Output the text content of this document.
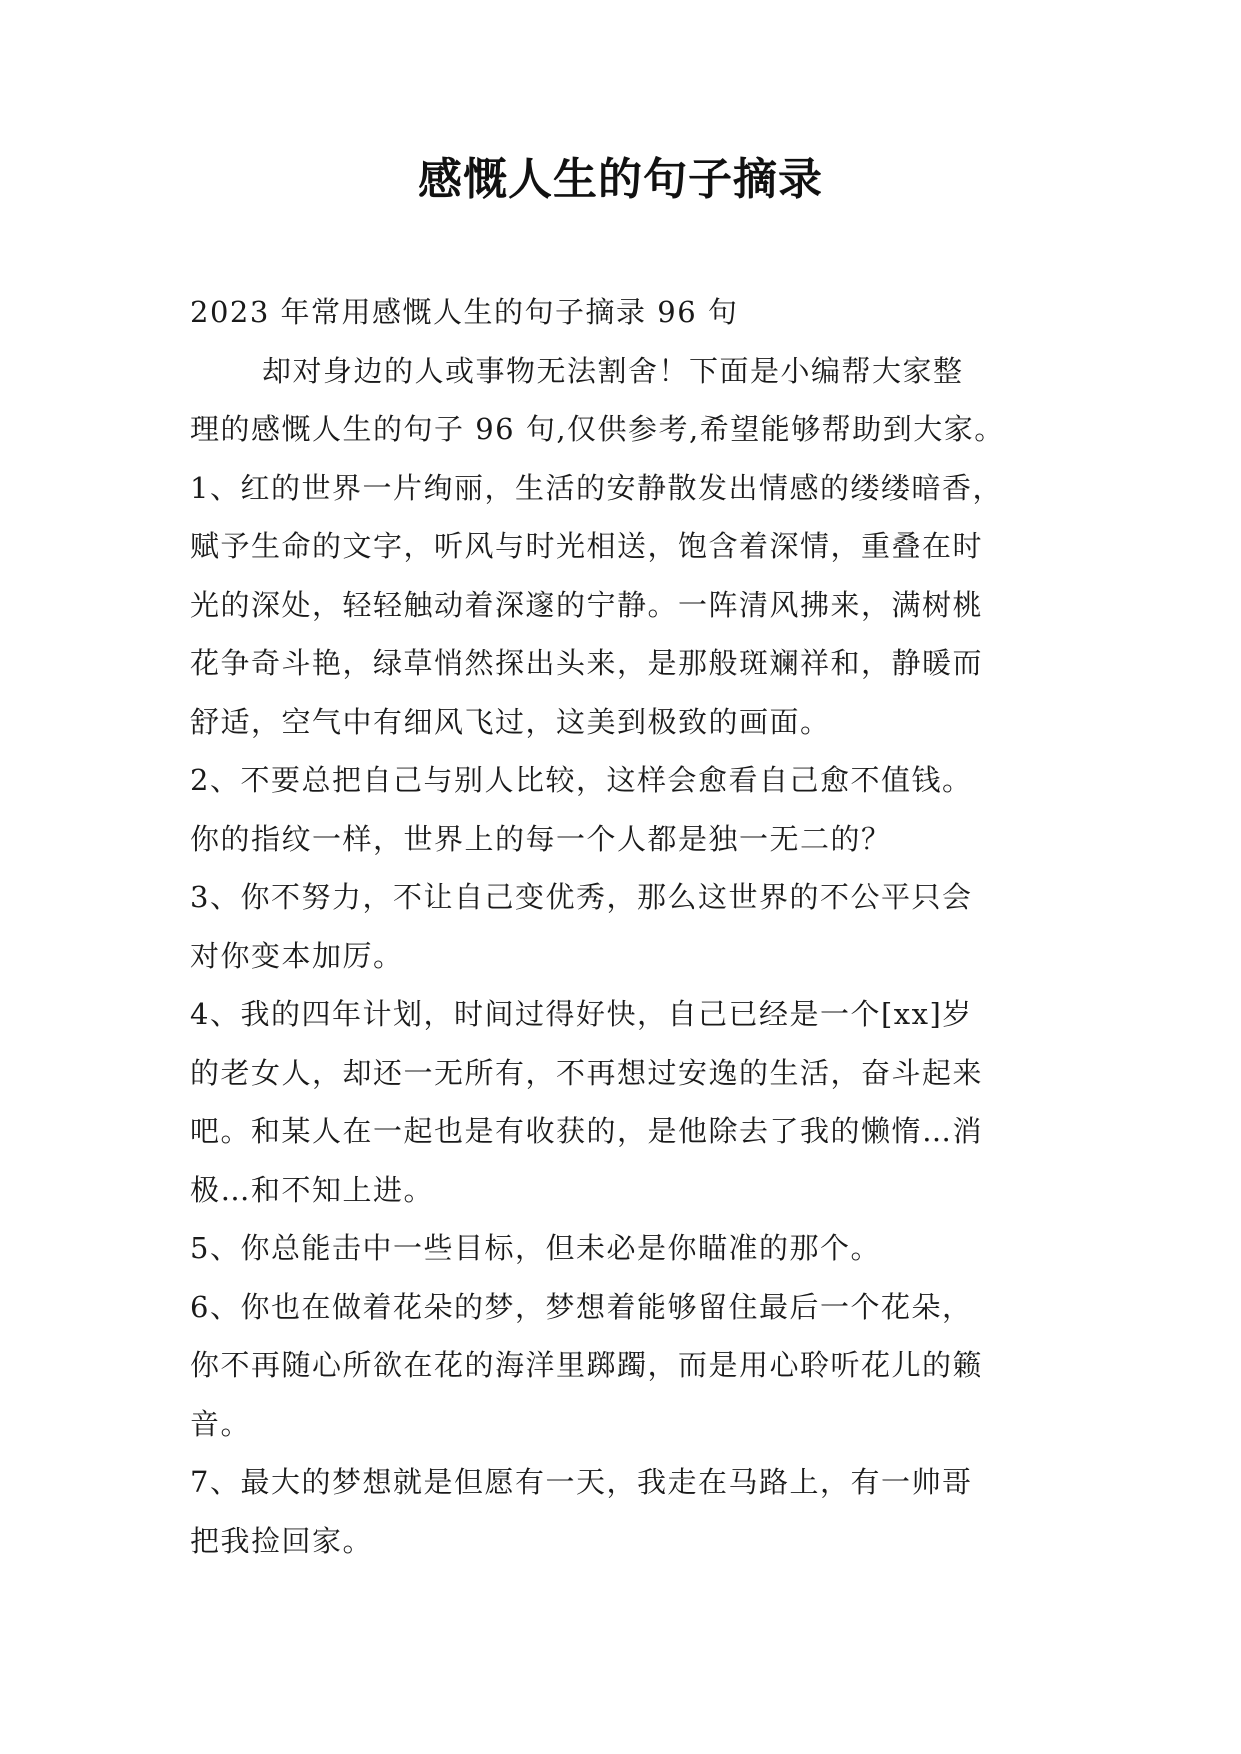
感慨人生的句子摘录
2023 年常用感慨人生的句子摘录 96 句
却对身边的人或事物无法割舍！下面是小编帮大家整
理的感慨人生的句子 96 句,仅供参考,希望能够帮助到大家。
1、红的世界一片绚丽，生活的安静散发出情感的缕缕暗香，
赋予生命的文字，听风与时光相送，饱含着深情，重叠在时
光的深处，轻轻触动着深邃的宁静。一阵清风拂来，满树桃
花争奇斗艳，绿草悄然探出头来，是那般斑斓祥和，静暖而
舒适，空气中有细风飞过，这美到极致的画面。
2、不要总把自己与别人比较，这样会愈看自己愈不值钱。
你的指纹一样，世界上的每一个人都是独一无二的？
3、你不努力，不让自己变优秀，那么这世界的不公平只会
对你变本加厉。
4、我的四年计划，时间过得好快，自己已经是一个[xx]岁
的老女人，却还一无所有，不再想过安逸的生活，奋斗起来
吧。和某人在一起也是有收获的，是他除去了我的懒惰…消
极…和不知上进。
5、你总能击中一些目标，但未必是你瞄准的那个。
6、你也在做着花朵的梦，梦想着能够留住最后一个花朵，
你不再随心所欲在花的海洋里踯躅，而是用心聆听花儿的籁
音。
7、最大的梦想就是但愿有一天，我走在马路上，有一帅哥
把我捡回家。
